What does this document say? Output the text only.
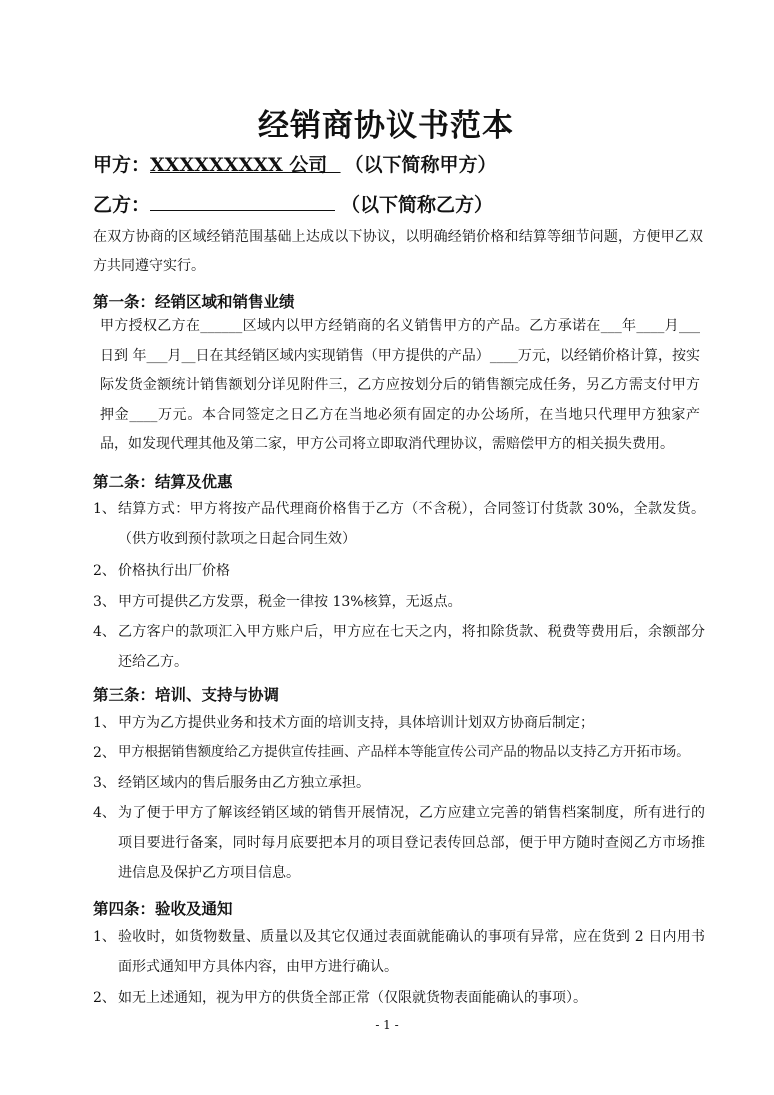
经销商协议书范本
甲方：XXXXXXXXX 公司  （以下简称甲方）
乙方：	（以下简称乙方）
在双方协商的区域经销范围基础上达成以下协议，以明确经销价格和结算等细节问题，方便甲乙双方共同遵守实行。
第一条：经销区域和销售业绩
甲方授权乙方在______区域内以甲方经销商的名义销售甲方的产品。乙方承诺在___年____月___日到 年___月__日在其经销区域内实现销售（甲方提供的产品）____万元，以经销价格计算，按实际发货金额统计销售额划分详见附件三，乙方应按划分后的销售额完成任务，另乙方需支付甲方押金____万元。本合同签定之日乙方在当地必须有固定的办公场所，在当地只代理甲方独家产品，如发现代理其他及第二家，甲方公司将立即取消代理协议，需赔偿甲方的相关损失费用。
第二条：结算及优惠
1、 结算方式：甲方将按产品代理商价格售于乙方（不含税），合同签订付货款 30%，全款发货。（供方收到预付款项之日起合同生效）
2、 价格执行出厂价格
3、 甲方可提供乙方发票，税金一律按 13%核算，无返点。
4、 乙方客户的款项汇入甲方账户后，甲方应在七天之内，将扣除货款、税费等费用后，余额部分还给乙方。
第三条：培训、支持与协调
1、 甲方为乙方提供业务和技术方面的培训支持，具体培训计划双方协商后制定；
2、 甲方根据销售额度给乙方提供宣传挂画、产品样本等能宣传公司产品的物品以支持乙方开拓市场。
3、 经销区域内的售后服务由乙方独立承担。
4、 为了便于甲方了解该经销区域的销售开展情况，乙方应建立完善的销售档案制度，所有进行的项目要进行备案，同时每月底要把本月的项目登记表传回总部，便于甲方随时查阅乙方市场推进信息及保护乙方项目信息。
第四条：验收及通知
1、 验收时，如货物数量、质量以及其它仅通过表面就能确认的事项有异常，应在货到 2 日内用书面形式通知甲方具体内容，由甲方进行确认。
2、 如无上述通知，视为甲方的供货全部正常（仅限就货物表面能确认的事项）。
- 1 -
